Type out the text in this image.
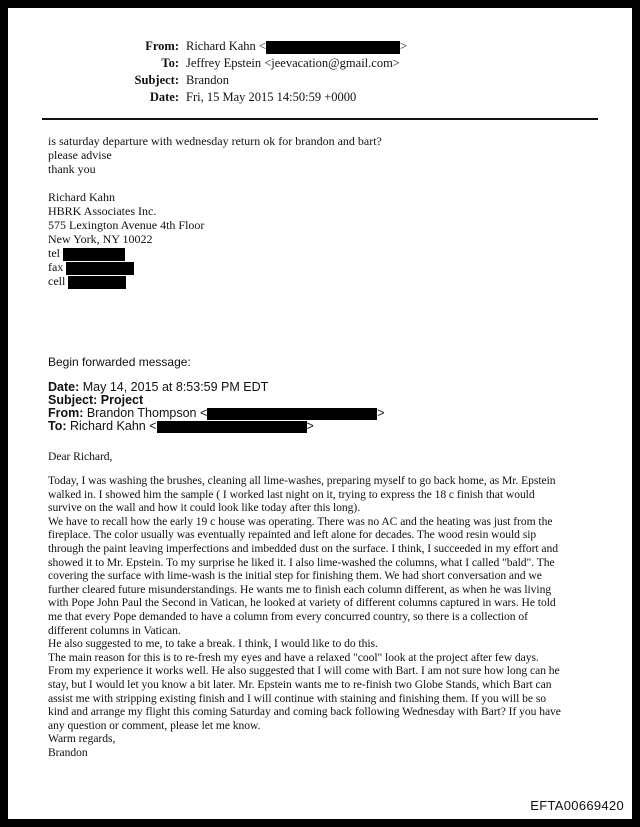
From: Richard Kahn <	>
To: Jeffrey Epstein <jeevacation@gmail.com>
Subject: Brandon
Date: Fri, 15 May 2015 14:50:59 +0000
is saturday departure with wednesday return ok for brandon and bart?
please advise
thank you
Richard Kahn
HBRK Associates Inc.
575 Lexington Avenue 4th Floor
New York, NY 10022
tel
fax
cell
Begin forwarded message:
Date: May 14, 2015 at 8:53:59 PM EDT
Subject: Project
From: Brandon Thompson <	>
To: Richard Kahn <	>
Dear Richard,
Today, I was washing the brushes, cleaning all lime-washes, preparing myself to go back home, as Mr. Epstein
walked in. I showed him the sample ( I worked last night on it, trying to express the 18 c finish that would
survive on the wall and how it could look like today after this long).
We have to recall how the early 19 c house was operating. There was no AC and the heating was just from the
fireplace. The color usually was eventually repainted and left alone for decades. The wood resin would sip
through the paint leaving imperfections and imbedded dust on the surface. I think, I succeeded in my effort and
showed it to Mr. Epstein. To my surprise he liked it. I also lime-washed the columns, what I called "bald". The
covering the surface with lime-wash is the initial step for finishing them. We had short conversation and we
further cleared future misunderstandings. He wants me to finish each column different, as when he was living
with Pope John Paul the Second in Vatican, he looked at variety of different columns captured in wars. He told
me that every Pope demanded to have a column from every concurred country, so there is a collection of
different columns in Vatican.
He also suggested to me, to take a break. I think, I would like to do this.
The main reason for this is to re-fresh my eyes and have a relaxed "cool" look at the project after few days.
From my experience it works well. He also suggested that I will come with Bart. I am not sure how long can he
stay, but I would let you know a bit later. Mr. Epstein wants me to re-finish two Globe Stands, which Bart can
assist me with stripping existing finish and I will continue with staining and finishing them. If you will be so
kind and arrange my flight this coming Saturday and coming back following Wednesday with Bart? If you have
any question or comment, please let me know.
Warm regards,
Brandon
EFTA00669420
